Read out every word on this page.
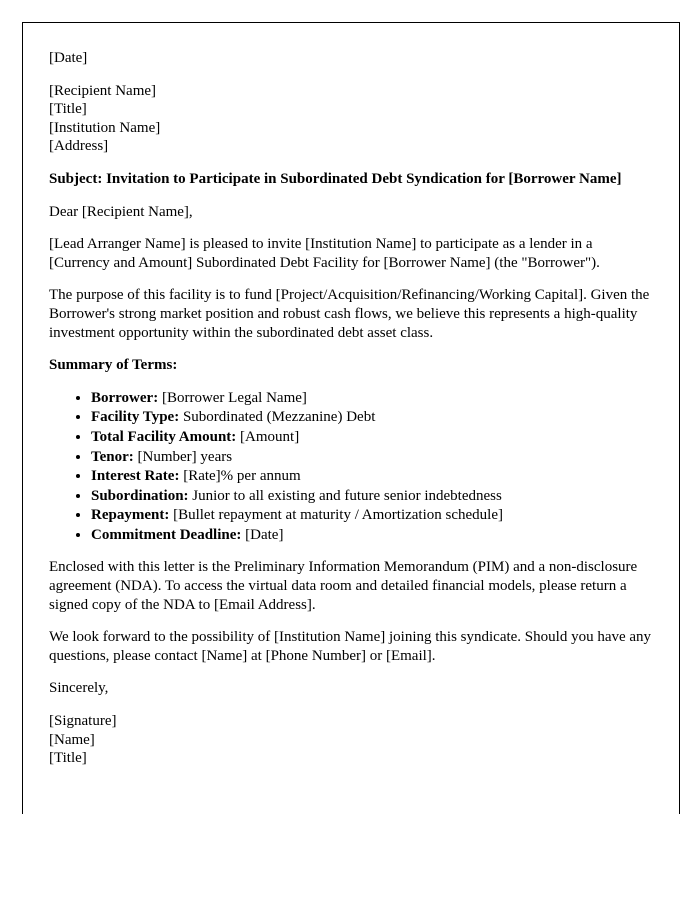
[Date]

[Recipient Name]

[Title]

[Institution Name]

[Address]

Subject: Invitation to Participate in Subordinated Debt Syndication for [Borrower Name]

Dear [Recipient Name],

[Lead Arranger Name] is pleased to invite [Institution Name] to participate as a lender in a [Currency and Amount] Subordinated Debt Facility for [Borrower Name] (the "Borrower").

The purpose of this facility is to fund [Project/Acquisition/Refinancing/Working Capital]. Given the Borrower's strong market position and robust cash flows, we believe this represents a high-quality investment opportunity within the subordinated debt asset class.

Summary of Terms:

• Borrower: [Borrower Legal Name]
• Facility Type: Subordinated (Mezzanine) Debt
• Total Facility Amount: [Amount]
• Tenor: [Number] years
• Interest Rate: [Rate]% per annum
• Subordination: Junior to all existing and future senior indebtedness
• Repayment: [Bullet repayment at maturity / Amortization schedule]
• Commitment Deadline: [Date]

Enclosed with this letter is the Preliminary Information Memorandum (PIM) and a non-disclosure agreement (NDA). To access the virtual data room and detailed financial models, please return a signed copy of the NDA to [Email Address].

We look forward to the possibility of [Institution Name] joining this syndicate. Should you have any questions, please contact [Name] at [Phone Number] or [Email].

Sincerely,

[Signature]

[Name]

[Title]
